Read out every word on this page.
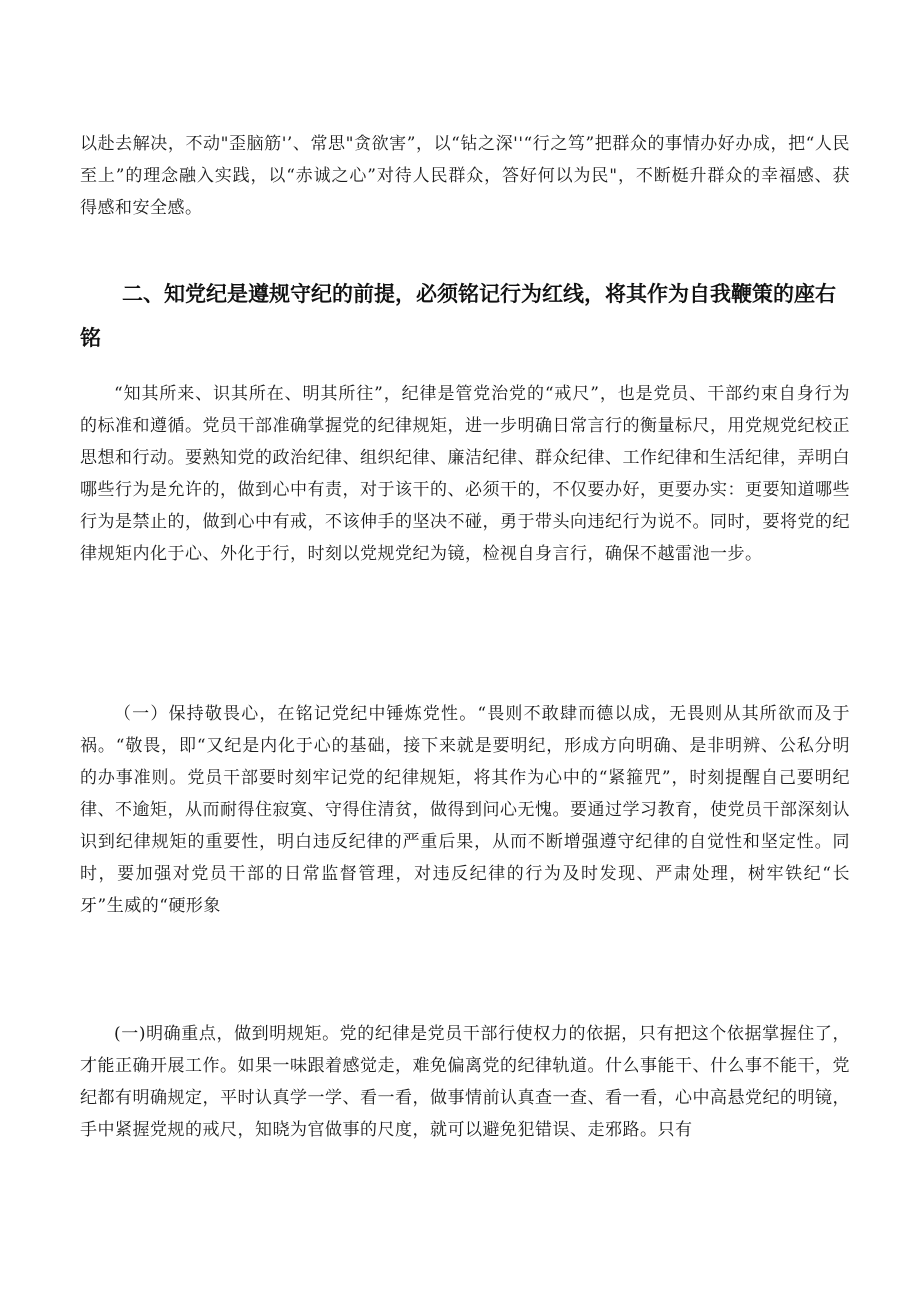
以赴去解决，不动"歪脑筋'’、常思"贪欲害”，以“钻之深''“行之笃”把群众的事情办好办成，把“人民至上”的理念融入实践，以“赤诚之心”对待人民群众，答好何以为民"，不断梃升群众的幸福感、获得感和安全感。

二、知党纪是遵规守纪的前提，必须铭记行为红线，将其作为自我鞭策的座右铭

“知其所来、识其所在、明其所往”，纪律是管党治党的“戒尺”，也是党员、干部约束自身行为的标准和遵循。党员干部准确掌握党的纪律规矩，进一步明确日常言行的衡量标尺，用党规党纪校正思想和行动。要熟知党的政治纪律、组织纪律、廉洁纪律、群众纪律、工作纪律和生活纪律，弄明白哪些行为是允许的，做到心中有责，对于该干的、必须干的，不仅要办好，更要办实：更要知道哪些行为是禁止的，做到心中有戒，不该伸手的坚决不碰，勇于带头向违纪行为说不。同时，要将党的纪律规矩内化于心、外化于行，时刻以党规党纪为镜，检视自身言行，确保不越雷池一步。

（一）保持敬畏心，在铭记党纪中锤炼党性。“畏则不敢肆而德以成，无畏则从其所欲而及于祸。“敬畏，即“又纪是内化于心的基础，接下来就是要明纪，形成方向明确、是非明辨、公私分明的办事准则。党员干部要时刻牢记党的纪律规矩，将其作为心中的“紧箍咒”，时刻提醒自己要明纪律、不逾矩，从而耐得住寂寞、守得住清贫，做得到问心无愧。要通过学习教育，使党员干部深刻认识到纪律规矩的重要性，明白违反纪律的严重后果，从而不断增强遵守纪律的自觉性和坚定性。同时，要加强对党员干部的日常监督管理，对违反纪律的行为及时发现、严肃处理，树牢铁纪“长牙”生威的“硬形象

(一)明确重点，做到明规矩。党的纪律是党员干部行使权力的依据，只有把这个依据掌握住了，才能正确开展工作。如果一味跟着感觉走，难免偏离党的纪律轨道。什么事能干、什么事不能干，党纪都有明确规定，平时认真学一学、看一看，做事情前认真查一查、看一看，心中高悬党纪的明镜，手中紧握党规的戒尺，知晓为官做事的尺度，就可以避免犯错误、走邪路。只有
